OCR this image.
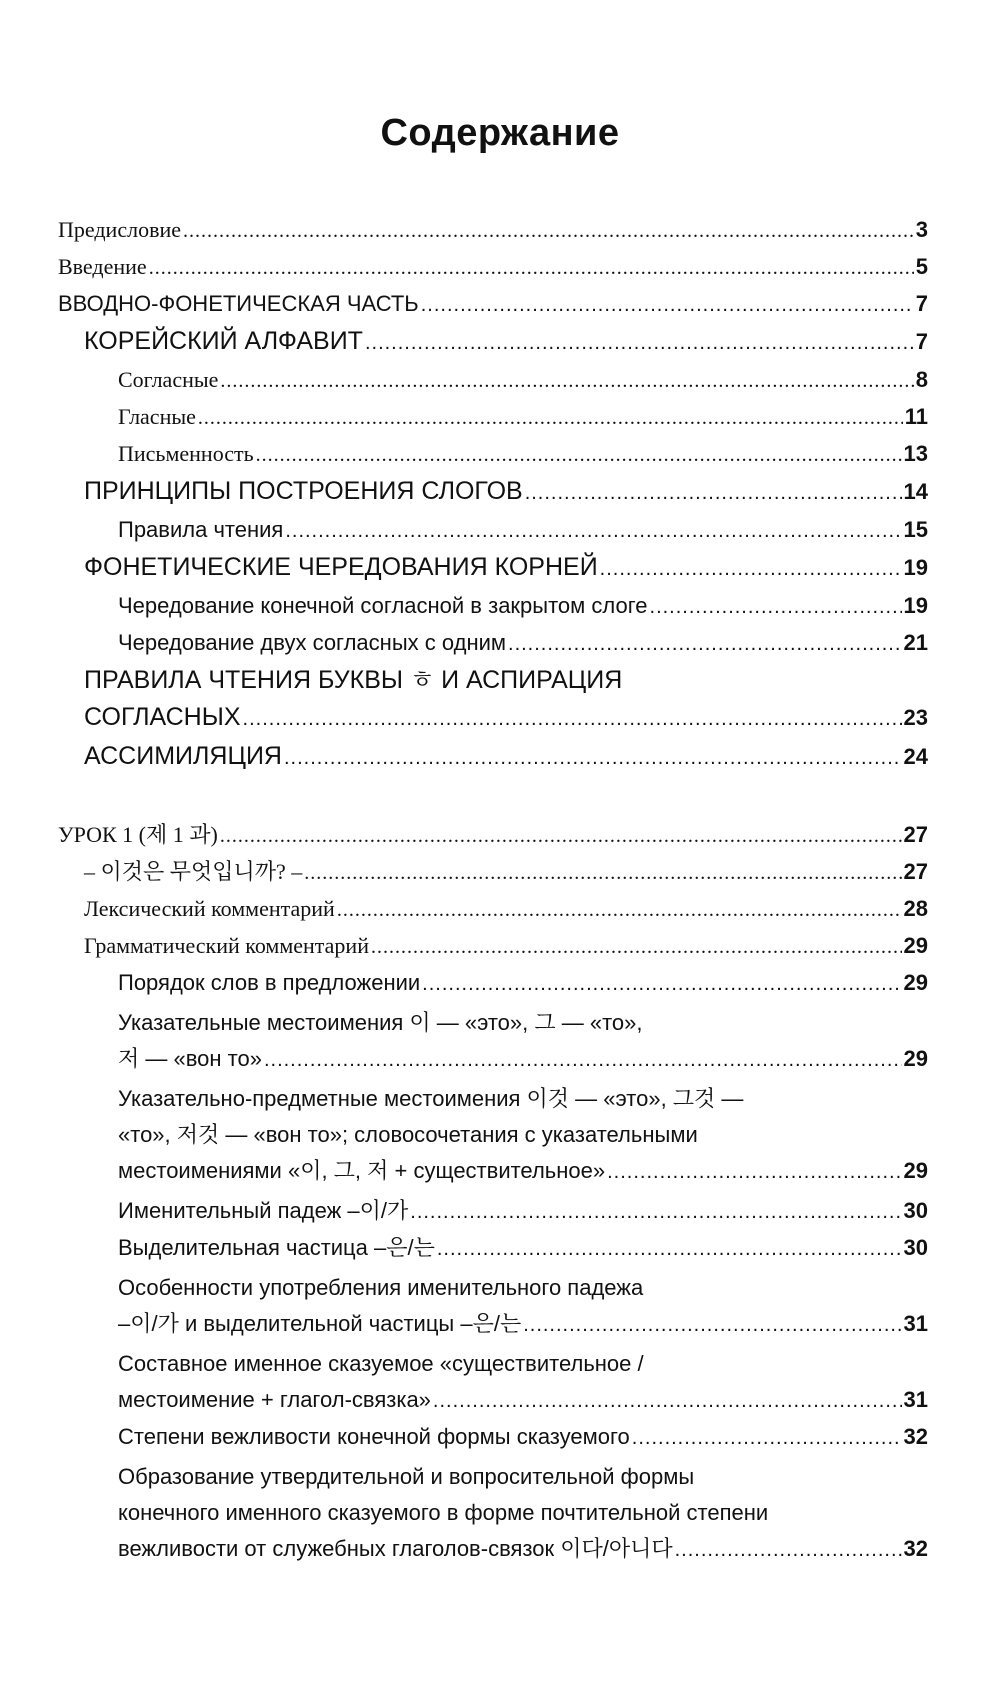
Содержание
Предисловие .....	3
Введение .....	5
ВВОДНО-ФОНЕТИЧЕСКАЯ ЧАСТЬ .....	7
КОРЕЙСКИЙ АЛФАВИТ .....	7
Согласные .....	8
Гласные .....	11
Письменность .....	13
ПРИНЦИПЫ ПОСТРОЕНИЯ СЛОГОВ .....	14
Правила чтения .....	15
ФОНЕТИЧЕСКИЕ ЧЕРЕДОВАНИЯ КОРНЕЙ .....	19
Чередование конечной согласной в закрытом слоге .....	19
Чередование двух согласных с одним .....	21
ПРАВИЛА ЧТЕНИЯ БУКВЫ ㅎ И АСПИРАЦИЯ
СОГЛАСНЫХ .....	23
АССИМИЛЯЦИЯ .....	24
УРОК 1 (제 1 과) .....	27
– 이것은 무엇입니까? – .....	27
Лексический комментарий .....	28
Грамматический комментарий .....	29
Порядок слов в предложении .....	29
Указательные местоимения 이 — «это», 그 — «то»,
저 — «вон то» .....	29
Указательно-предметные местоимения 이것 — «это», 그것 —
«то», 저것 — «вон то»; словосочетания с указательными
местоимениями «이, 그, 저 + существительное» .....	29
Именительный падеж –이/가 .....	30
Выделительная частица –은/는 .....	30
Особенности употребления именительного падежа
–이/가 и выделительной частицы –은/는 .....	31
Составное именное сказуемое «существительное /
местоимение + глагол-связка» .....	31
Степени вежливости конечной формы сказуемого .....	32
Образование утвердительной и вопросительной формы
конечного именного сказуемого в форме почтительной степени
вежливости от служебных глаголов-связок 이다/아니다 .....	32
